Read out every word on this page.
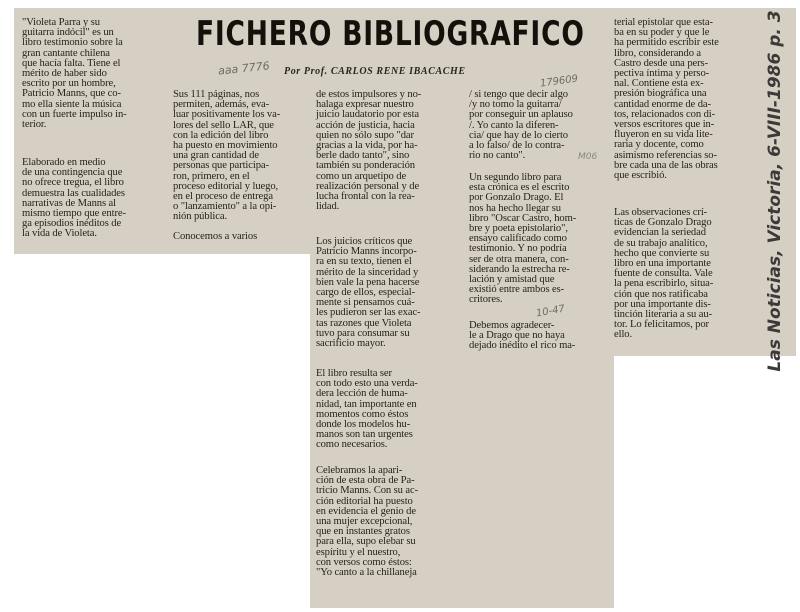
FICHERO BIBLIOGRAFICO
Por Prof. CARLOS RENE IBACACHE
aaa 7776
179609
M06
10-47
"Violeta Parra y su
guitarra indócil" es un
libro testimonio sobre la
gran cantante chilena
que hacía falta. Tiene el
mérito de haber sido
escrito por un hombre,
Patricio Manns, que co-
mo ella siente la música
con un fuerte impulso in-
terior.
Elaborado en medio
de una contingencia que
no ofrece tregua, el libro
demuestra las cualidades
narrativas de Manns al
mismo tiempo que entre-
ga episodios inéditos de
la vida de Violeta.
Sus 111 páginas, nos
permiten, además, eva-
luar positivamente los va-
lores del sello LAR, que
con la edición del libro
ha puesto en movimiento
una gran cantidad de
personas que participa-
ron, primero, en el
proceso editorial y luego,
en el proceso de entrega
o "lanzamiento" a la opi-
nión pública.
Conocemos a varios
de estos impulsores y no-
halaga expresar nuestro
juicio laudatorio por esta
acción de justicia, hacia
quien no sólo supo "dar
gracias a la vida, por ha-
berle dado tanto", sino
también su ponderación
como un arquetipo de
realización personal y de
lucha frontal con la rea-
lidad.
Los juicios críticos que
Patricio Manns incorpo-
ra en su texto, tienen el
mérito de la sinceridad y
bien vale la pena hacerse
cargo de ellos, especial-
mente si pensamos cuá-
les pudieron ser las exac-
tas razones que Violeta
tuvo para consumar su
sacrificio mayor.
El libro resulta ser
con todo esto una verda-
dera lección de huma-
nidad, tan importante en
momentos como éstos
donde los modelos hu-
manos son tan urgentes
como necesarios.
Celebramos la apari-
ción de esta obra de Pa-
tricio Manns. Con su ac-
ción editorial ha puesto
en evidencia el genio de
una mujer excepcional,
que en instantes gratos
para ella, supo elebar su
espíritu y el nuestro,
con versos como éstos:
"Yo canto a la chillaneja
/ si tengo que decir algo
/y no tomo la guitarra/
por conseguir un aplauso
/. Yo canto la diferen-
cia/ que hay de lo cierto
a lo falso/ de lo contra-
rio no canto".
Un segundo libro para
esta crónica es el escrito
por Gonzalo Drago. El
nos ha hecho llegar su
libro "Oscar Castro, hom-
bre y poeta epistolario",
ensayo calificado como
testimonio. Y no podría
ser de otra manera, con-
siderando la estrecha re-
lación y amistad que
existió entre ambos es-
critores.
Debemos agradecer-
le a Drago que no haya
dejado inédito el rico ma-
terial epistolar que esta-
ba en su poder y que le
ha permitido escribir este
libro, considerando a
Castro desde una pers-
pectiva íntima y perso-
nal. Contiene esta ex-
presión biográfica una
cantidad enorme de da-
tos, relacionados con di-
versos escritores que in-
fluyeron en su vida lite-
raria y docente, como
asimismo referencias so-
bre cada una de las obras
que escribió.
Las observaciones crí-
ticas de Gonzalo Drago
evidencian la seriedad
de su trabajo analítico,
hecho que convierte su
libro en una importante
fuente de consulta. Vale
la pena escribirlo, situa-
ción que nos ratificaba
por una importante dis-
tinción literaria a su au-
tor. Lo felicitamos, por
ello.	Las Noticias, Victoria, 6-VIII-1986 p. 3
